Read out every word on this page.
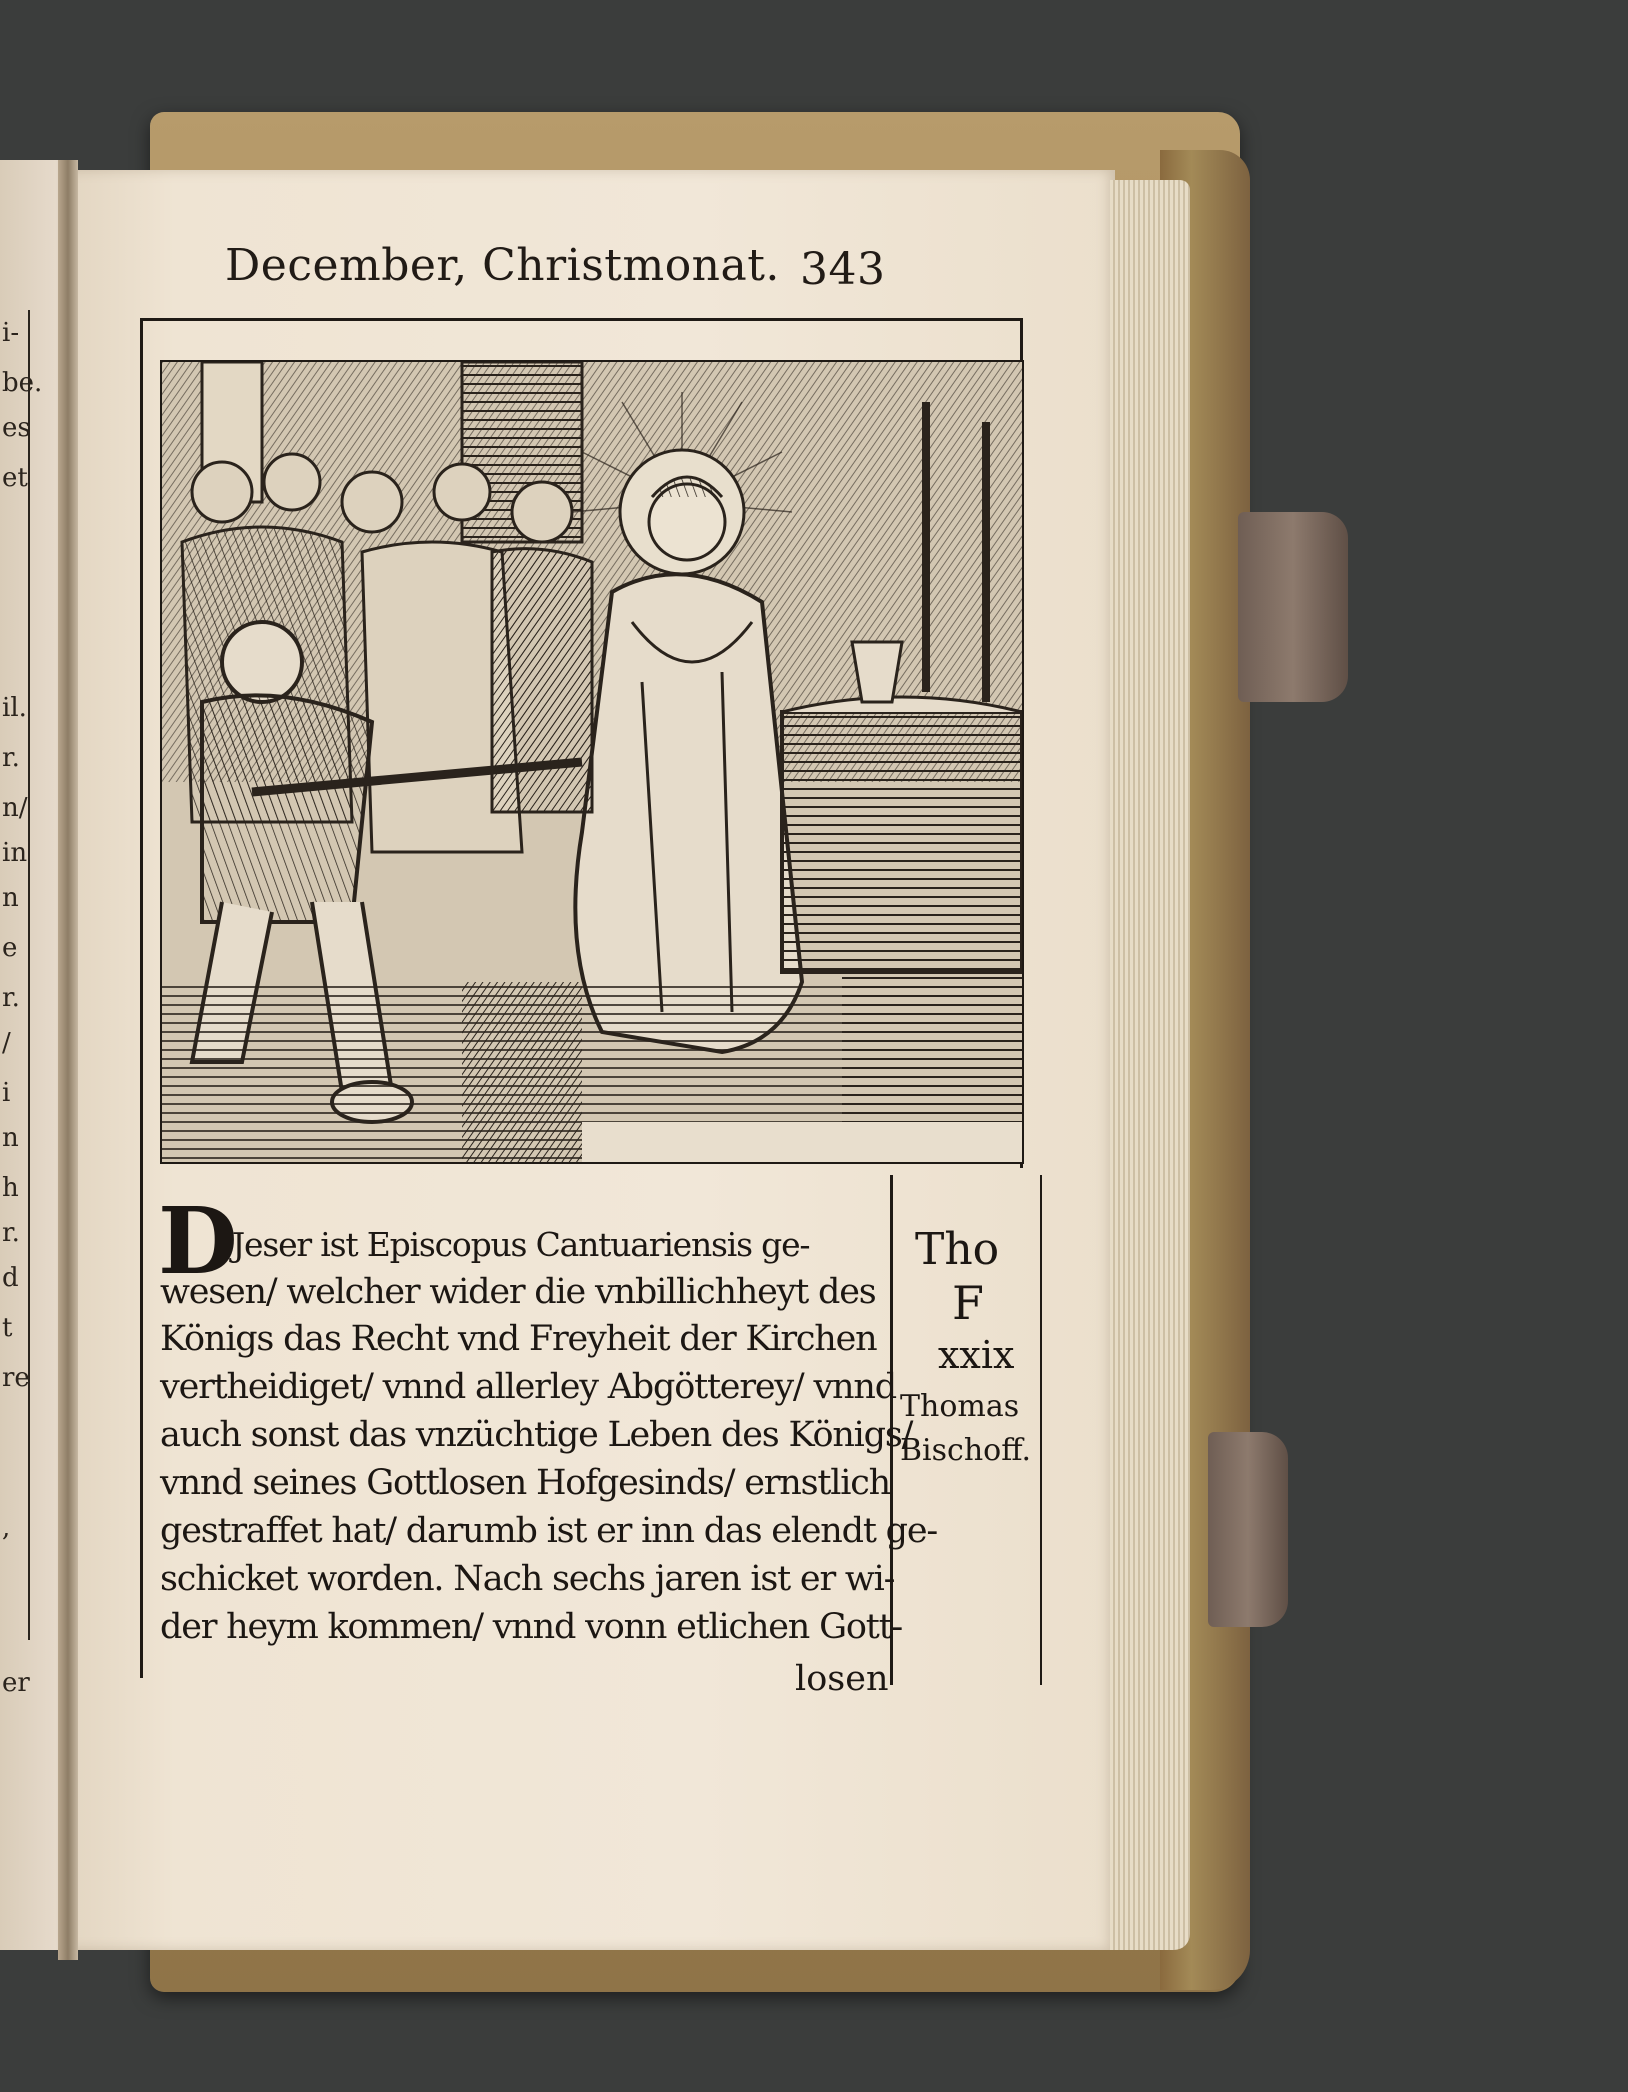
i-
be.
es
et
il.
r.
n/
in
n
e
r.
/
i
n
h
r.
d
t
re
,
er
December, Christmonat. 343
D
Jeser ist Episcopus Cantuariensis ge-
wesen/ welcher wider die vnbillichheyt des
Königs das Recht vnd Freyheit der Kirchen
vertheidiget/ vnnd allerley Abgötterey/ vnnd
auch sonst das vnzüchtige Leben des Königs/
vnnd seines Gottlosen Hofgesinds/ ernstlich
gestraffet hat/ darumb ist er inn das elendt ge-
schicket worden. Nach sechs jaren ist er wi-
der heym kommen/ vnnd vonn etlichen Gott-
losen
Tho
F
xxix
Thomas
Bischoff.
